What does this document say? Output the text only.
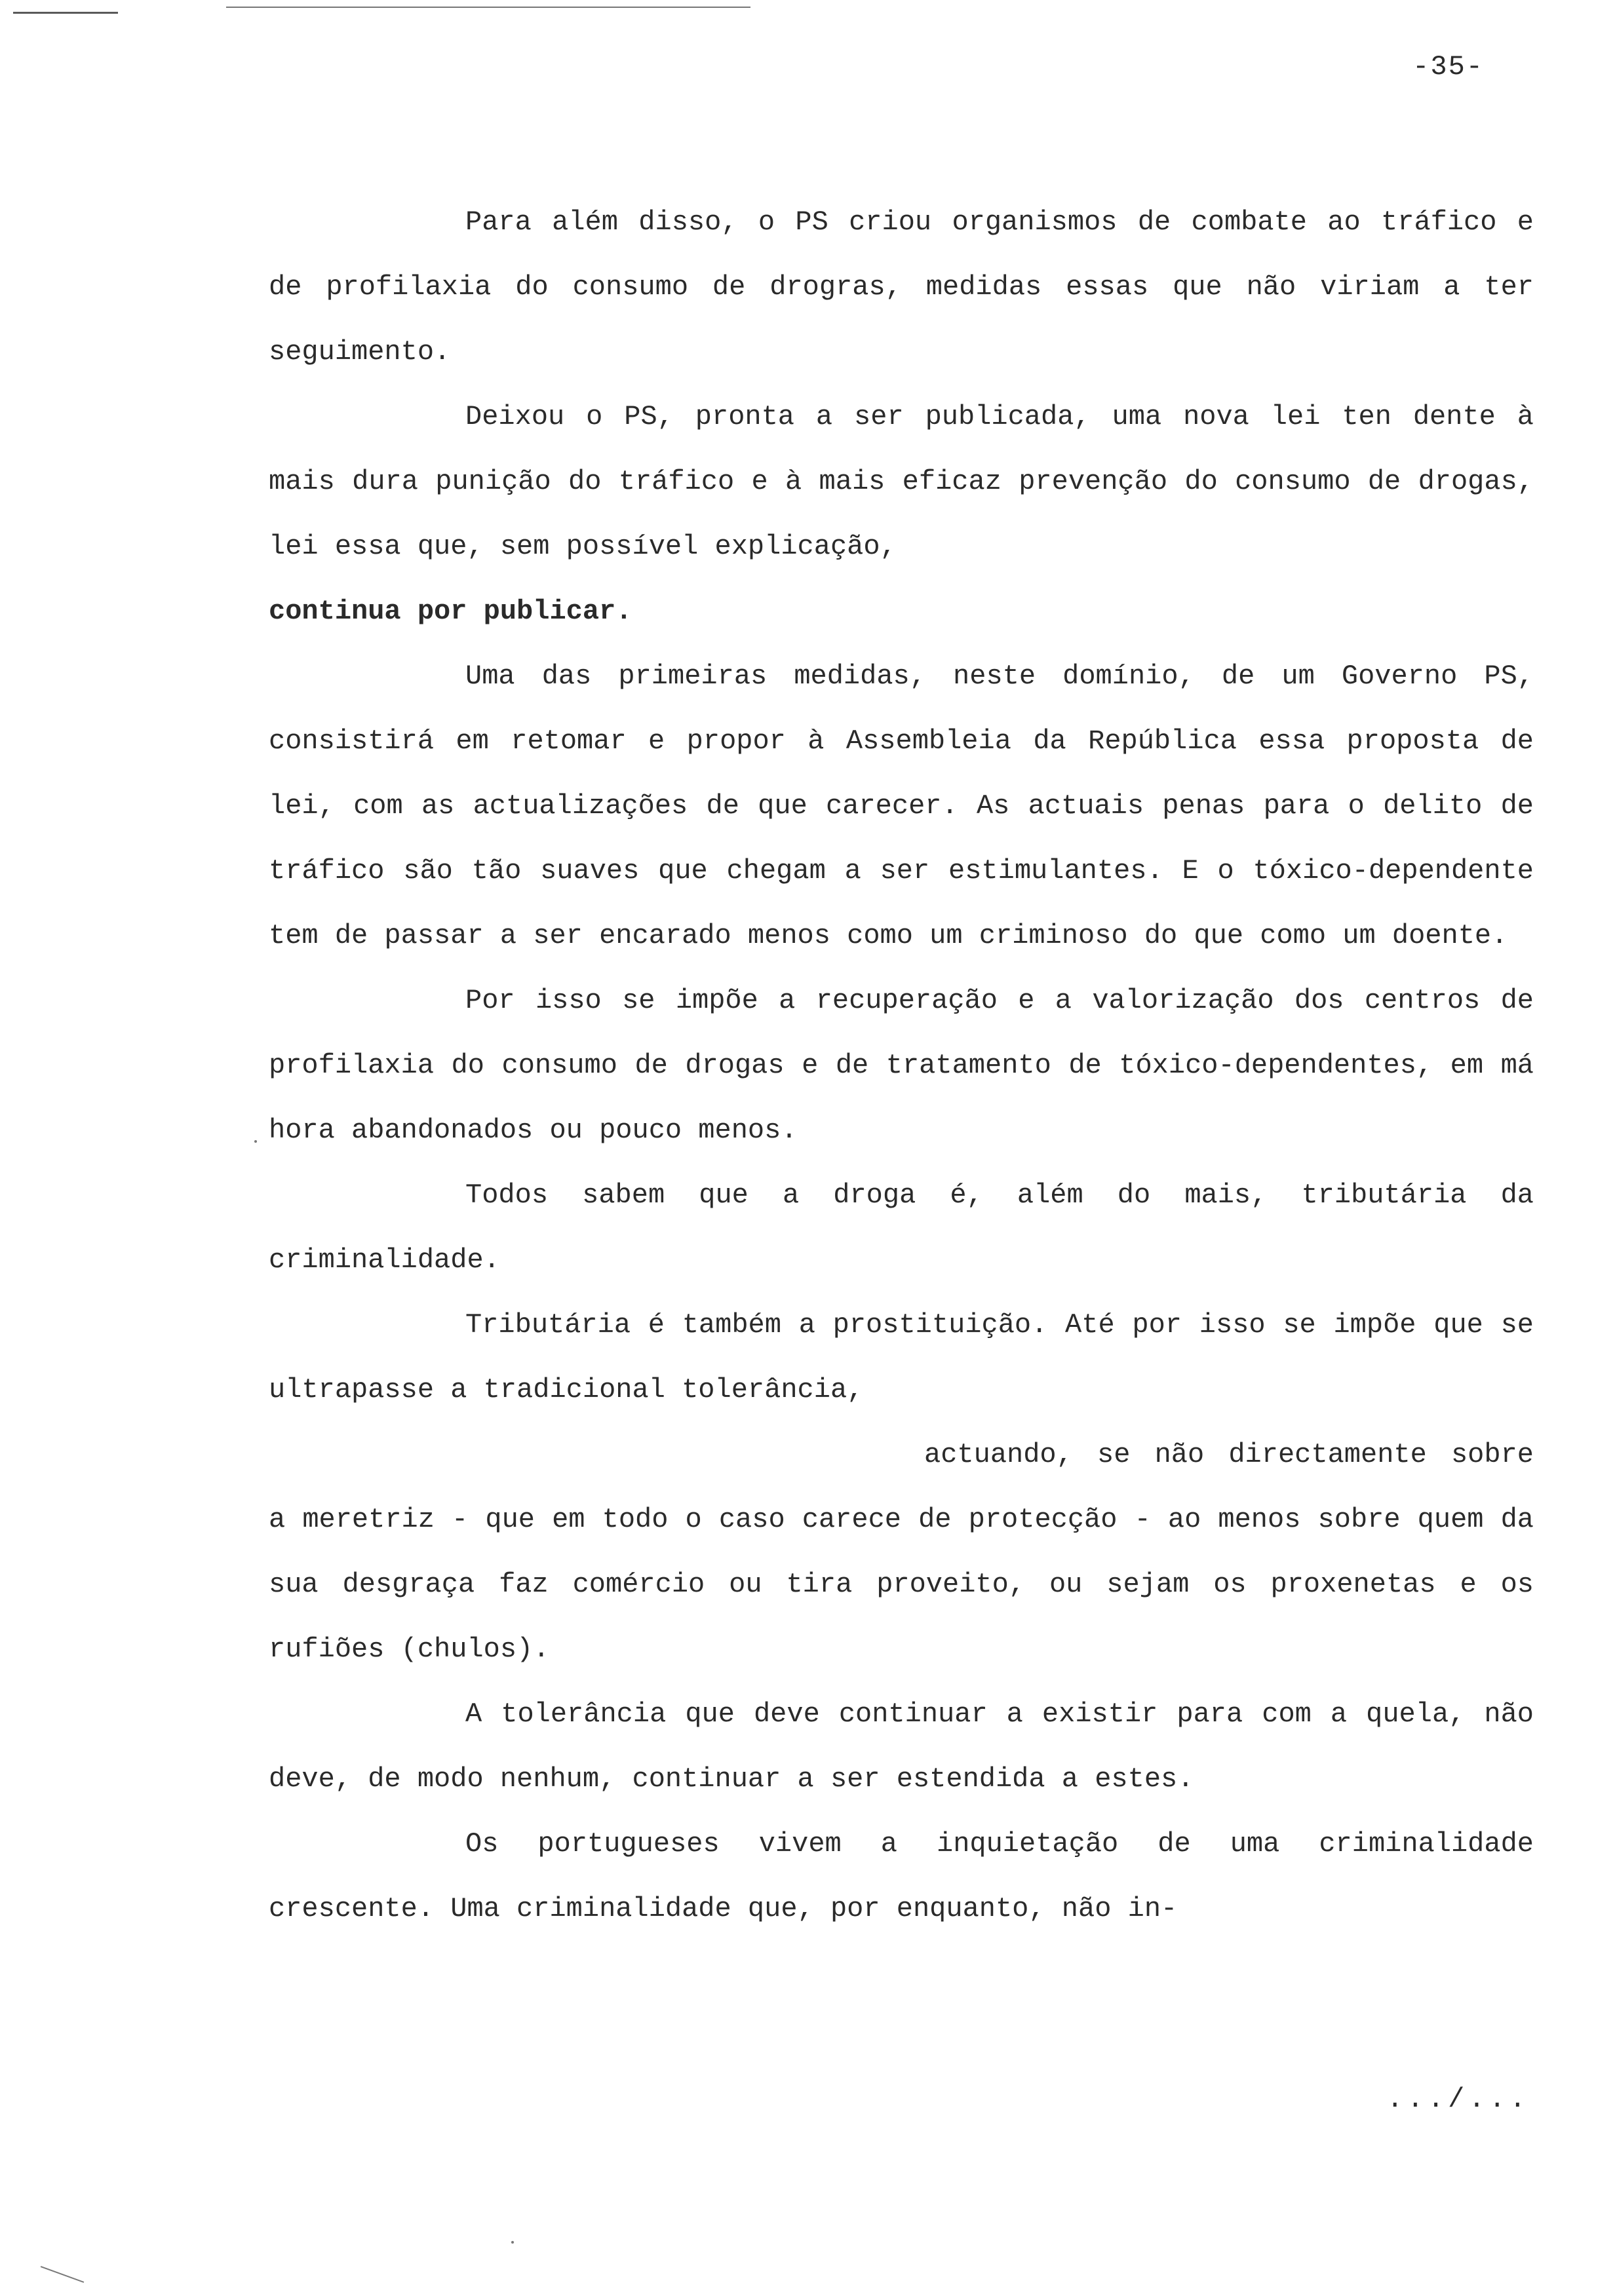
-35-

Para além disso, o PS criou organismos de combate ao tráfico e de profilaxia do consumo de drogras, medidas essas que não viriam a ter seguimento.

Deixou o PS, pronta a ser publicada, uma nova lei ten dente à mais dura punição do tráfico e à mais eficaz prevenção do consumo de drogas, lei essa que, sem possível explicação,

continua por publicar.

Uma das primeiras medidas, neste domínio, de um Governo PS, consistirá em retomar e propor à Assembleia da República essa proposta de lei, com as actualizações de que carecer. As actuais penas para o delito de tráfico são tão suaves que chegam a ser estimulantes. E o tóxico-dependente tem de passar a ser encarado menos como um criminoso do que como um doente.

Por isso se impõe a recuperação e a valorização dos centros de profilaxia do consumo de drogas e de tratamento de tóxico-dependentes, em má hora abandonados ou pouco menos.

Todos sabem que a droga é, além do mais, tributária da criminalidade.

Tributária é também a prostituição. Até por isso se impõe que se ultrapasse a tradicional tolerância,

actuando, se não directamente sobre a meretriz - que em todo o caso carece de protecção - ao menos sobre quem da sua desgraça faz comércio ou tira proveito, ou sejam os proxenetas e os rufiões (chulos).

A tolerância que deve continuar a existir para com a quela, não deve, de modo nenhum, continuar a ser estendida a estes.

Os portugueses vivem a inquietação de uma criminalidade crescente. Uma criminalidade que, por enquanto, não in-

.../...
